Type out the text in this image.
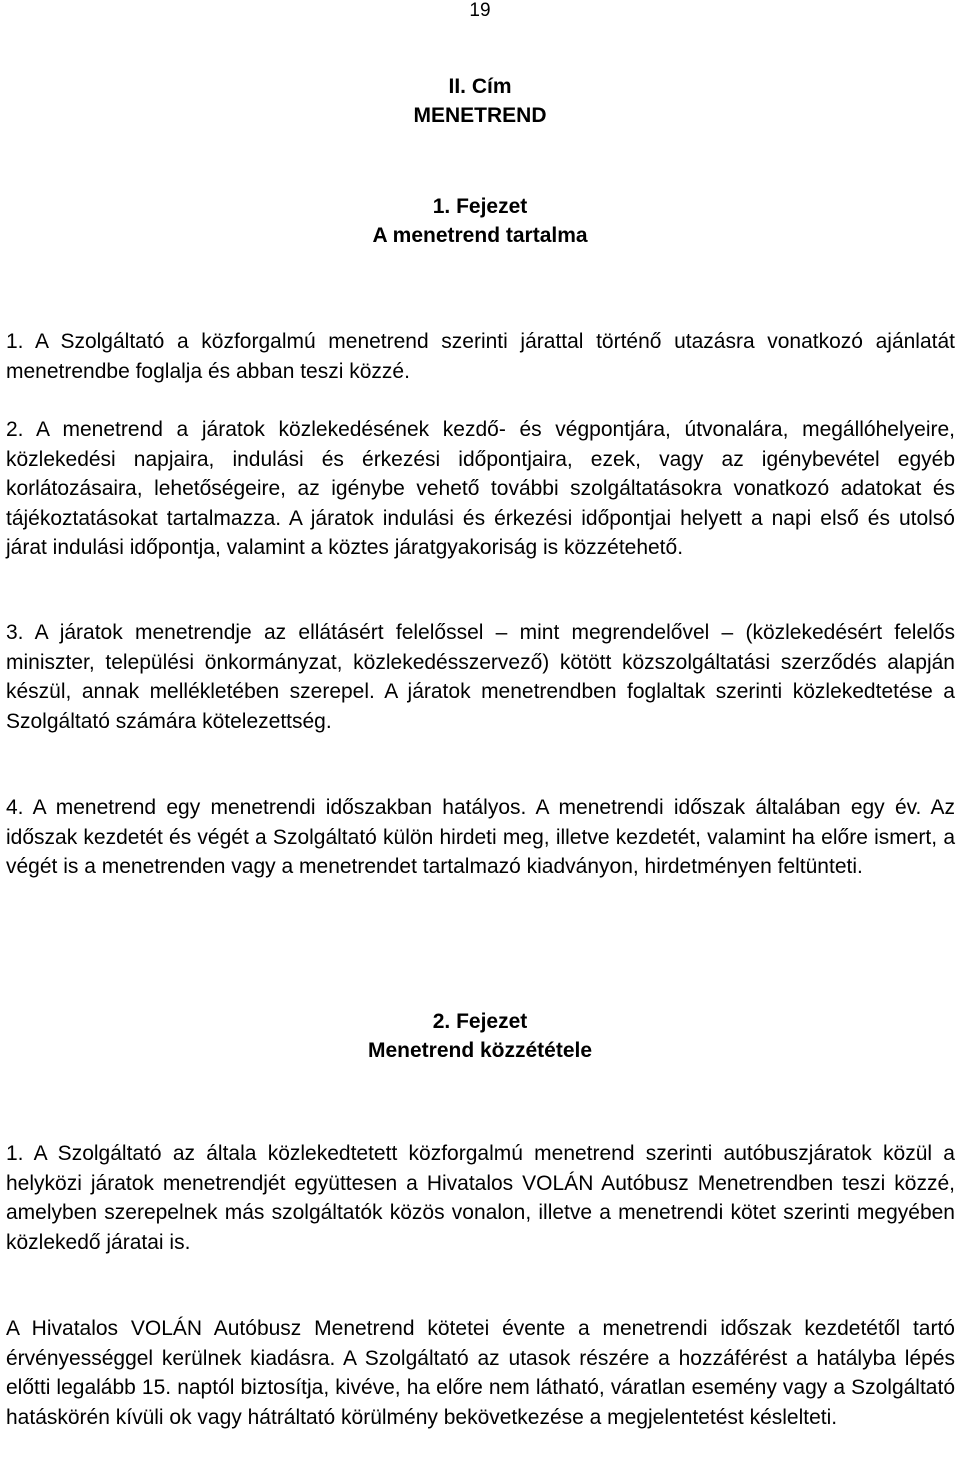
19
II. Cím
MENETREND
1. Fejezet
A menetrend tartalma

1. A Szolgáltató a közforgalmú menetrend szerinti járattal történő utazásra vonatkozó ajánlatát menetrendbe foglalja és abban teszi közzé.

2. A menetrend a járatok közlekedésének kezdő- és végpontjára, útvonalára, megállóhelyeire, közlekedési napjaira, indulási és érkezési időpontjaira, ezek, vagy az igénybevétel egyéb korlátozásaira, lehetőségeire, az igénybe vehető további szolgáltatásokra vonatkozó adatokat és tájékoztatásokat tartalmazza. A járatok indulási és érkezési időpontjai helyett a napi első és utolsó járat indulási időpontja, valamint a köztes járatgyakoriság is közzétehető.

3. A járatok menetrendje az ellátásért felelőssel – mint megrendelővel – (közlekedésért felelős miniszter, települési önkormányzat, közlekedésszervező) kötött közszolgáltatási szerződés alapján készül, annak mellékletében szerepel. A járatok menetrendben foglaltak szerinti közlekedtetése a Szolgáltató számára kötelezettség.

4. A menetrend egy menetrendi időszakban hatályos. A menetrendi időszak általában egy év. Az időszak kezdetét és végét a Szolgáltató külön hirdeti meg, illetve kezdetét, valamint ha előre ismert, a végét is a menetrenden vagy a menetrendet tartalmazó kiadványon, hirdetményen feltünteti.

2. Fejezet
Menetrend közzététele

1. A Szolgáltató az általa közlekedtetett közforgalmú menetrend szerinti autóbuszjáratok közül a helyközi járatok menetrendjét együttesen a Hivatalos VOLÁN Autóbusz Menetrendben teszi közzé, amelyben szerepelnek más szolgáltatók közös vonalon, illetve a menetrendi kötet szerinti megyében közlekedő járatai is.

A Hivatalos VOLÁN Autóbusz Menetrend kötetei évente a menetrendi időszak kezdetétől tartó érvényességgel kerülnek kiadásra. A Szolgáltató az utasok részére a hozzáférést a hatályba lépés előtti legalább 15. naptól biztosítja, kivéve, ha előre nem látható, váratlan esemény vagy a Szolgáltató hatáskörén kívüli ok vagy hátráltató körülmény bekövetkezése a megjelentetést késlelteti.
